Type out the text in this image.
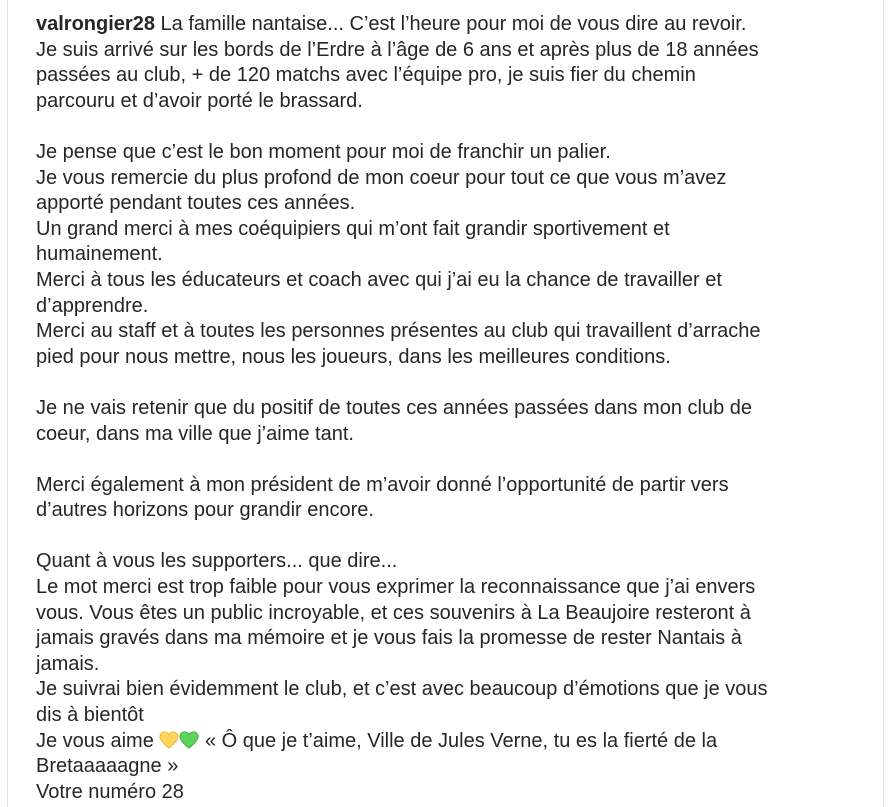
valrongier28 La famille nantaise... C’est l’heure pour moi de vous dire au revoir.
Je suis arrivé sur les bords de l’Erdre à l’âge de 6 ans et après plus de 18 années
passées au club, + de 120 matchs avec l’équipe pro, je suis fier du chemin
parcouru et d’avoir porté le brassard.

Je pense que c’est le bon moment pour moi de franchir un palier.
Je vous remercie du plus profond de mon coeur pour tout ce que vous m’avez
apporté pendant toutes ces années.
Un grand merci à mes coéquipiers qui m’ont fait grandir sportivement et
humainement.
Merci à tous les éducateurs et coach avec qui j’ai eu la chance de travailler et
d’apprendre.
Merci au staff et à toutes les personnes présentes au club qui travaillent d’arrache
pied pour nous mettre, nous les joueurs, dans les meilleures conditions.

Je ne vais retenir que du positif de toutes ces années passées dans mon club de
coeur, dans ma ville que j’aime tant.

Merci également à mon président de m’avoir donné l’opportunité de partir vers
d’autres horizons pour grandir encore.

Quant à vous les supporters... que dire...
Le mot merci est trop faible pour vous exprimer la reconnaissance que j’ai envers
vous. Vous êtes un public incroyable, et ces souvenirs à La Beaujoire resteront à
jamais gravés dans ma mémoire et je vous fais la promesse de rester Nantais à
jamais.
Je suivrai bien évidemment le club, et c’est avec beaucoup d’émotions que je vous
dis à bientôt
Je vous aime  « Ô que je t’aime, Ville de Jules Verne, tu es la fierté de la
Bretaaaaagne »
Votre numéro 28
